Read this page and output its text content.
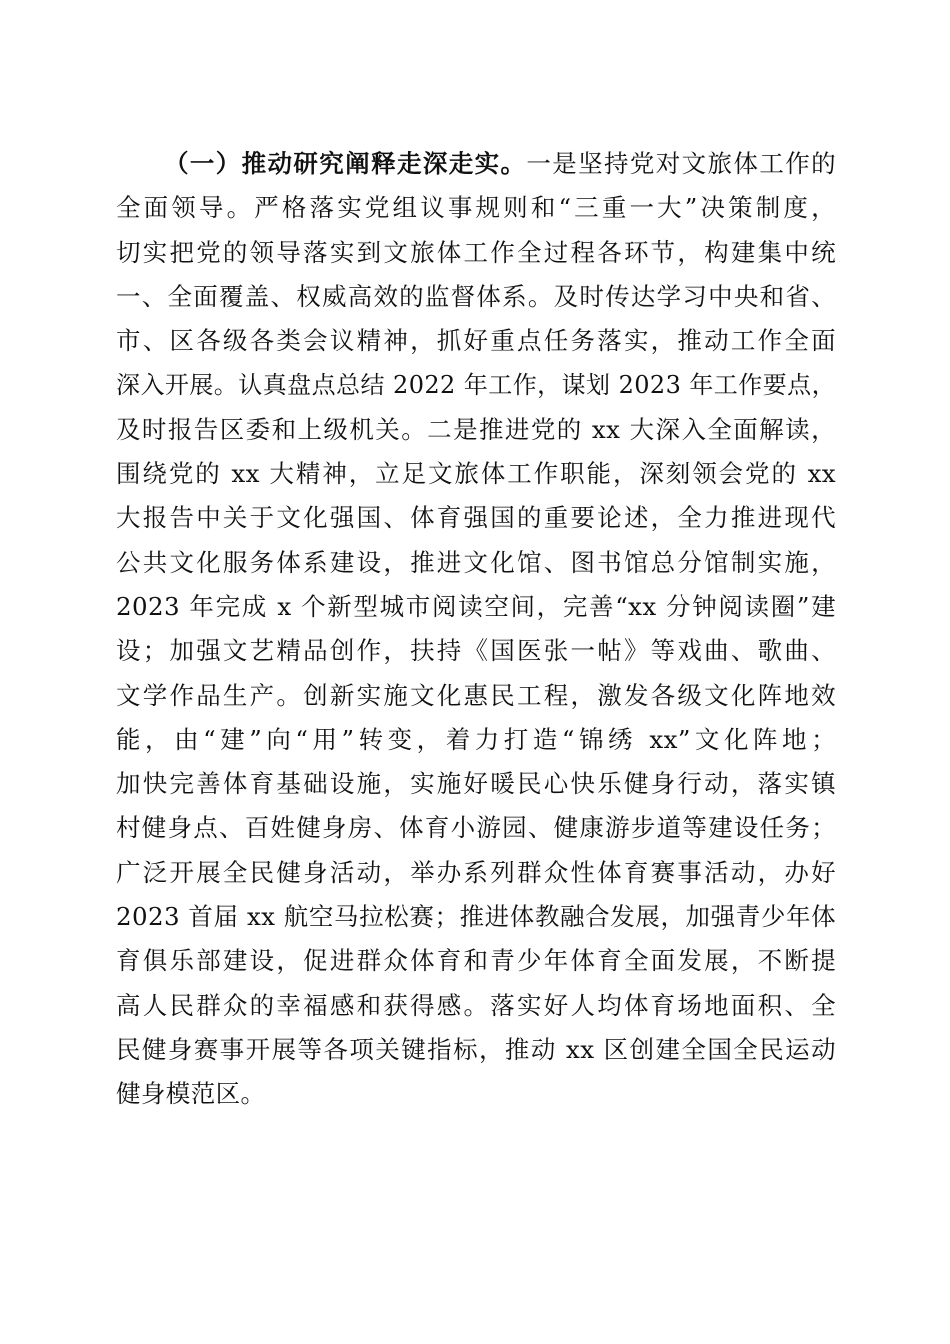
（一）推动研究阐释走深走实。一是坚持党对文旅体工作的
全面领导。严格落实党组议事规则和“三重一大”决策制度，
切实把党的领导落实到文旅体工作全过程各环节，构建集中统
一、全面覆盖、权威高效的监督体系。及时传达学习中央和省、
市、区各级各类会议精神，抓好重点任务落实，推动工作全面
深入开展。认真盘点总结 2022 年工作，谋划 2023 年工作要点，
及时报告区委和上级机关。二是推进党的 xx 大深入全面解读，
围绕党的 xx 大精神，立足文旅体工作职能，深刻领会党的 xx
大报告中关于文化强国、体育强国的重要论述，全力推进现代
公共文化服务体系建设，推进文化馆、图书馆总分馆制实施，
2023 年完成 x 个新型城市阅读空间，完善“xx 分钟阅读圈”建
设；加强文艺精品创作，扶持《国医张一帖》等戏曲、歌曲、
文学作品生产。创新实施文化惠民工程，激发各级文化阵地效
能，由“建”向“用”转变，着力打造“锦绣 xx”文化阵地；
加快完善体育基础设施，实施好暖民心快乐健身行动，落实镇
村健身点、百姓健身房、体育小游园、健康游步道等建设任务；
广泛开展全民健身活动，举办系列群众性体育赛事活动，办好
2023 首届 xx 航空马拉松赛；推进体教融合发展，加强青少年体
育俱乐部建设，促进群众体育和青少年体育全面发展，不断提
高人民群众的幸福感和获得感。落实好人均体育场地面积、全
民健身赛事开展等各项关键指标，推动 xx 区创建全国全民运动
健身模范区。
